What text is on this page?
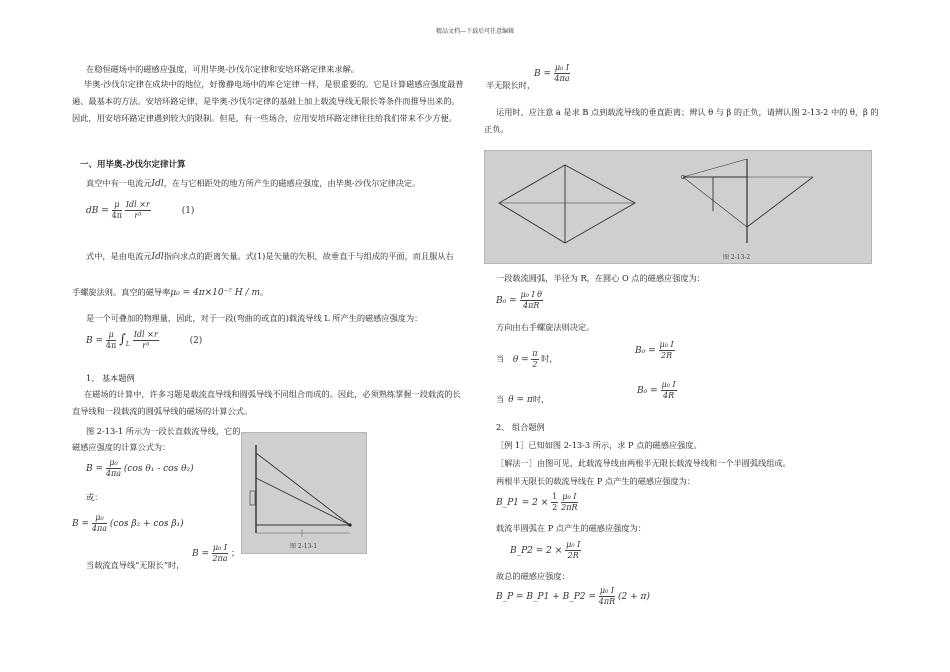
精品文档---下载后可任意编辑
在稳恒磁场中的磁感应强度，可用毕奥-沙伐尔定律和安培环路定律来求解。
毕奥-沙伐尔定律在成块中的地位，好像静电场中的库仑定律一样，是很重要的。它是计算磁感应强度最普遍、最基本的方法。安培环路定律，是毕奥-沙伐尔定律的基础上加上载流导线无限长等条件而推导出来的。因此，用安培环路定律遇到较大的限制。但是，有一些场合，应用安培环路定律往往给我们带来不少方便。
一、用毕奥-沙伐尔定律计算
真空中有一电流元Idl，在与它相距处的地方所产生的磁感应强度，由毕奥-沙伐尔定律决定。
dB = $\frac{\mu}{4\pi}$
$\frac{\text{Idl ×r}}{\text{r³}}$	(1)
式中，是由电流元Idl指向求点的距离矢量。式(1)是矢量的矢积，故垂直于与组成的平面，而且服从右
手螺旋法则。真空的磁导率μ₀ = 4π×10⁻⁷ H / m。
是一个可叠加的物理量，因此，对于一段(弯曲的或直的)载流导线 L 所产生的磁感应强度为：
$B = \frac{\mu}{4\pi} \int_L \frac{\text{Idl ×r}}{\text{r³}}$	(2)
1、 基本题例
在磁场的计算中，许多习题是载流直导线和圆弧导线不同组合而成的。因此，必须熟练掌握一段载流的长直导线和一段载流的圆弧导线的磁场的计算公式。
图 2-13-1 所示为一段长直载流导线，它的
磁感应强度的计算公式为：
$B = \frac{\text{μ₀}}{4\pi a} (\cos$ θ₁ - cos θ₂)
或：
$B = \frac{\text{μ₀}}{4\pi a} (\cos$ β₂ + cos β₁)
当载流直导线“无限长”时，
$B = \frac{\text{μ₀ I}}{2\pi a}$ ；
图 2-13-1
半无限长时，
$B = \frac{\text{μ₀ I}}{4\pi a}$
运用时，应注意 a 是求 B 点到载流导线的垂直距离；辨认 θ 与 β 的正负，请辨认图 2-13-2 中的 θ，β 的正负。
图 2-13-2
一段载流圆弧，半径为 R，在圆心 O 点的磁感应强度为：
$B_0 = \frac{\text{μ₀ I θ}}{4\pi R}$
方向由右手螺旋法则决定。
当 $\theta = \frac{\pi}{2}$ 时，
$B_0 = \frac{\text{μ₀ I}}{2R}$
当 θ = π时，
$B_0 = \frac{\text{μ₀ I}}{4R}$
2、 组合题例
［例 1］已知如图 2-13-3 所示，求 P 点的磁感应强度。
［解法一］由图可见，此载流导线由两根半无限长载流导线和一个半圆弧线组成。
两根半无限长的载流导线在 P 点产生的磁感应强度为：
B_P1 = $2 \times \frac{1}{2}$
$\frac{\text{μ₀ I}}{2\pi R}$
载流半圆弧在 P 点产生的磁感应强度为：
B_P2 = $2 \times \frac{\text{μ₀ I}}{2R}$
故总的磁感应强度：
B_P = B_P1 + B_P2 = $\frac{\text{μ₀ I}}{4\pi R} (2 + \pi)$
